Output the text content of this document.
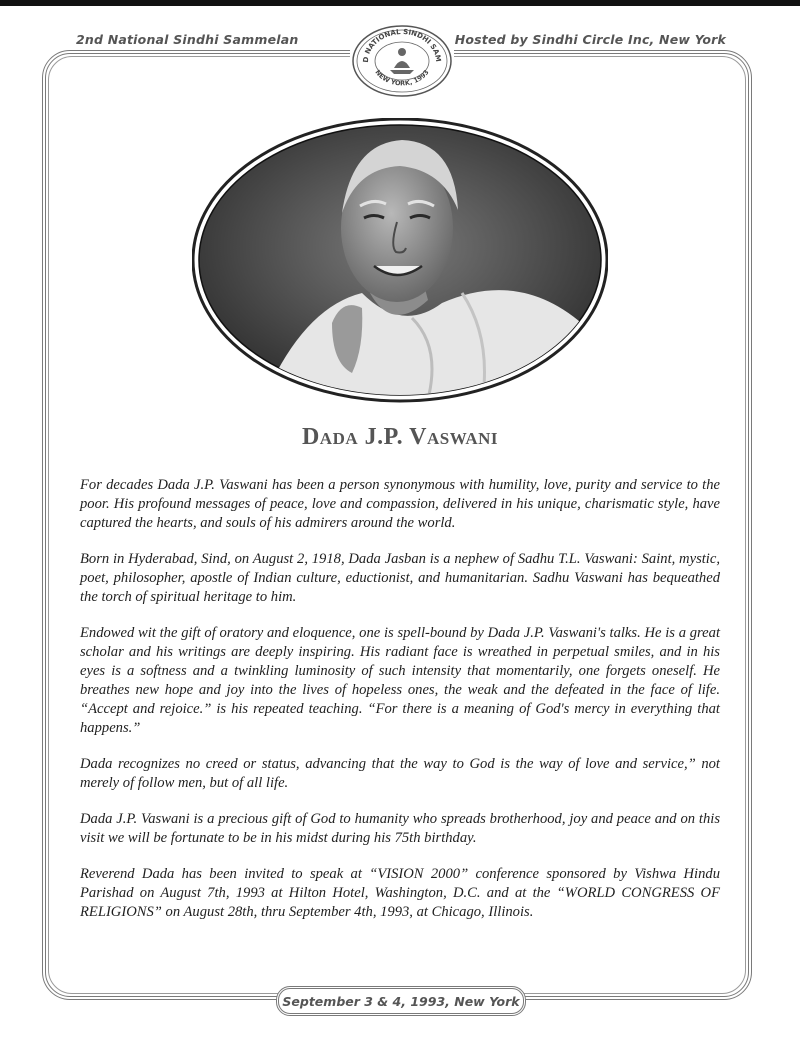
2nd National Sindhi Sammelan	Hosted by Sindhi Circle Inc, New York
D NATIONAL SINDHI SAM
NEW YORK, 1993
Dada J.P. Vaswani

For decades Dada J.P. Vaswani has been a person synonymous with humility, love, purity and service to the poor. His profound messages of peace, love and compassion, delivered in his unique, charismatic style, have captured the hearts, and souls of his admirers around the world.

Born in Hyderabad, Sind, on August 2, 1918, Dada Jasban is a nephew of Sadhu T.L. Vaswani: Saint, mystic, poet, philosopher, apostle of Indian culture, eductionist, and humanitarian. Sadhu Vaswani has bequeathed the torch of spiritual heritage to him.

Endowed wit the gift of oratory and eloquence, one is spell-bound by Dada J.P. Vaswani's talks. He is a great scholar and his writings are deeply inspiring. His radiant face is wreathed in perpetual smiles, and in his eyes is a softness and a twinkling luminosity of such intensity that momentarily, one forgets oneself. He breathes new hope and joy into the lives of hopeless ones, the weak and the defeated in the face of life. “Accept and rejoice.” is his repeated teaching. “For there is a meaning of God's mercy in everything that happens.”

Dada recognizes no creed or status, advancing that the way to God is the way of love and service,” not merely of follow men, but of all life.

Dada J.P. Vaswani is a precious gift of God to humanity who spreads brotherhood, joy and peace and on this visit we will be fortunate to be in his midst during his 75th birthday.

Reverend Dada has been invited to speak at “VISION 2000” conference sponsored by Vishwa Hindu Parishad on August 7th, 1993 at Hilton Hotel, Washington, D.C. and at the “WORLD CONGRESS OF RELIGIONS” on August 28th, thru September 4th, 1993, at Chicago, Illinois.

September 3 & 4, 1993, New York
